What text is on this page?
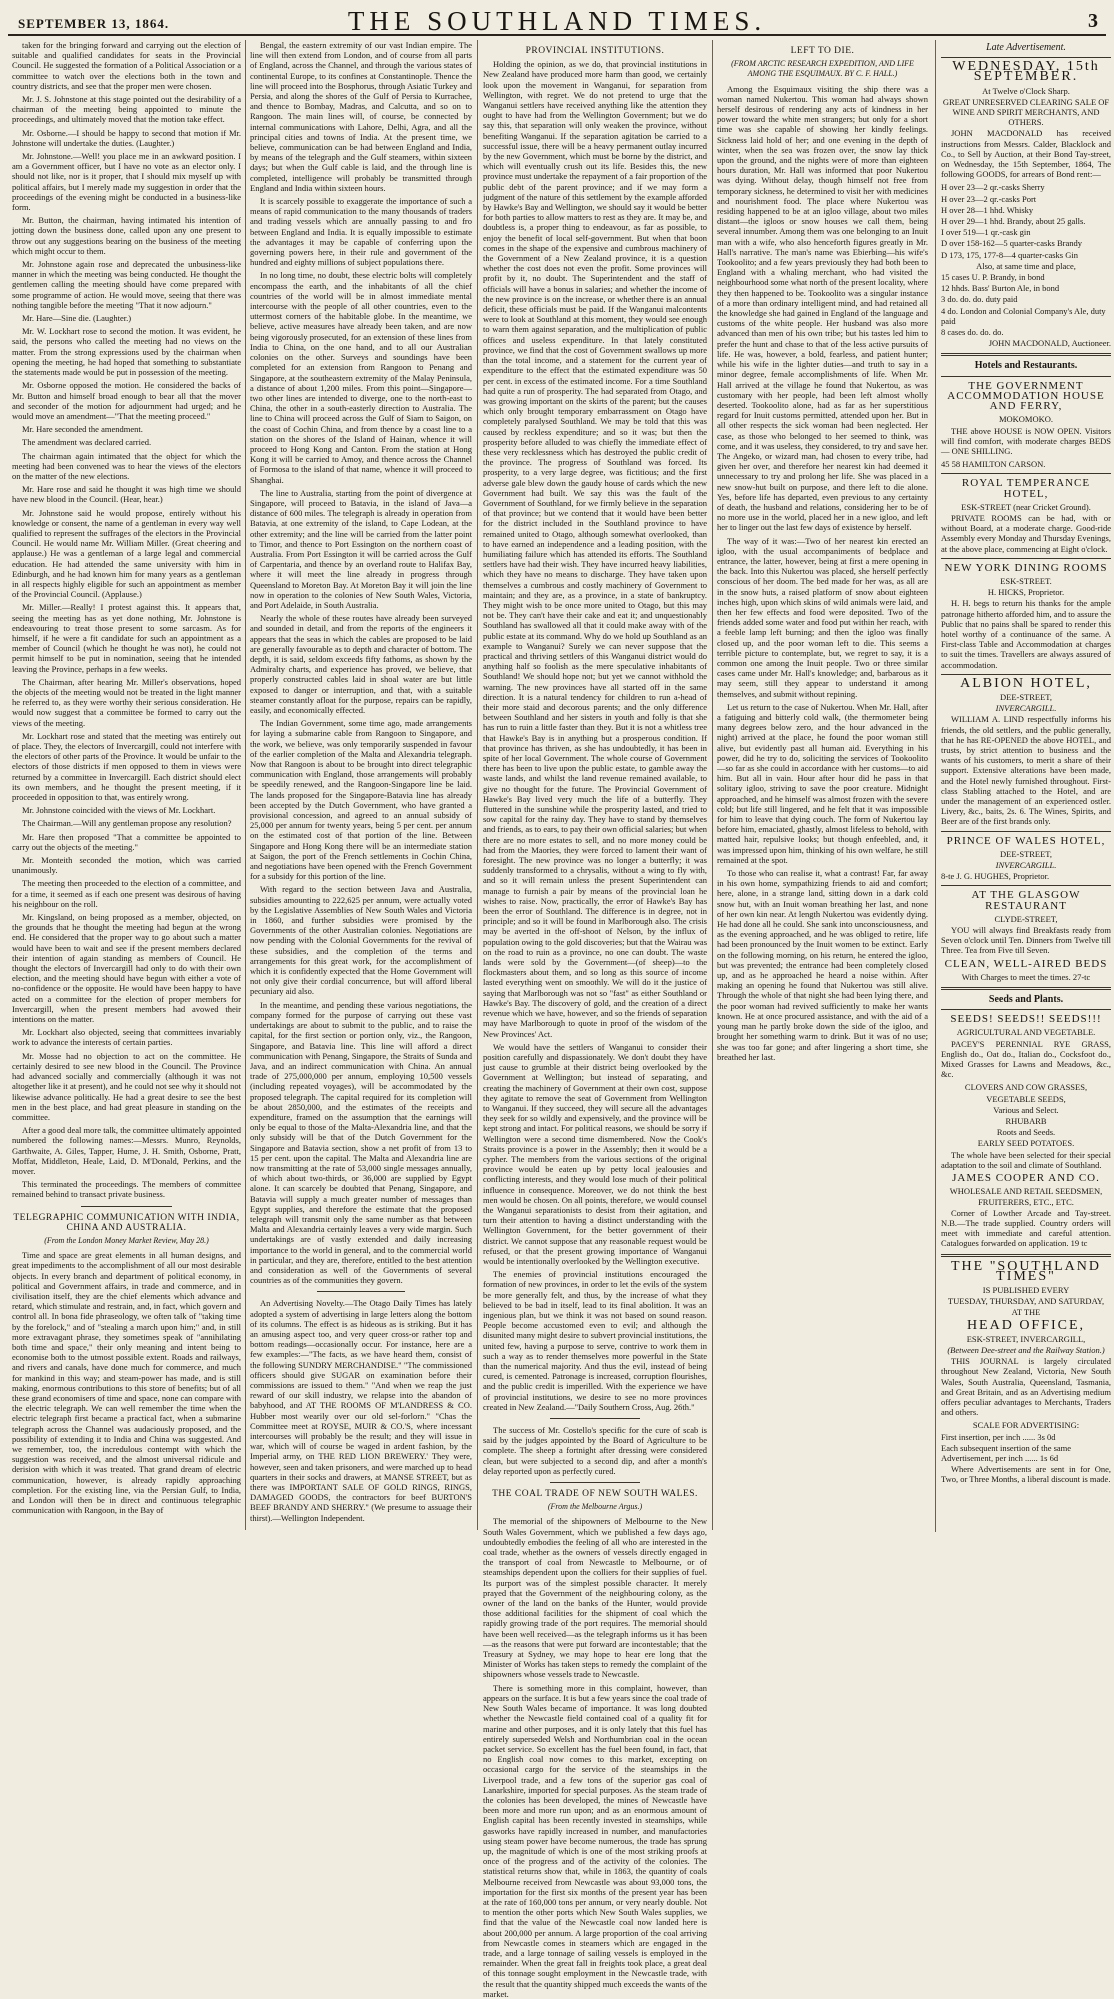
SEPTEMBER 13, 1864.	THE SOUTHLAND TIMES.	3

taken for the bringing forward and carrying out the election of suitable and qualified candidates for seats in the Provincial Council. He suggested the formation of a Political Association or a committee to watch over the elections both in the town and country districts, and see that the proper men were chosen.

Mr. J. S. Johnstone at this stage pointed out the desirability of a chairman of the meeting being appointed to minute the proceedings, and ultimately moved that the motion take effect.

Mr. Osborne.—I should be happy to second that motion if Mr. Johnstone will undertake the duties. (Laughter.)

Mr. Johnstone.—Well! you place me in an awkward position. I am a Government officer, but I have no vote as an elector only. I should not like, nor is it proper, that I should mix myself up with political affairs, but I merely made my suggestion in order that the proceedings of the evening might be conducted in a business-like form.

Mr. Button, the chairman, having intimated his intention of jotting down the business done, called upon any one present to throw out any suggestions bearing on the business of the meeting which might occur to them.

Mr. Johnstone again rose and deprecated the unbusiness-like manner in which the meeting was being conducted. He thought the gentlemen calling the meeting should have come prepared with some programme of action. He would move, seeing that there was nothing tangible before the meeting "That it now adjourn."

Mr. Hare—Sine die. (Laughter.)

Mr. W. Lockhart rose to second the motion. It was evident, he said, the persons who called the meeting had no views on the matter. From the strong expressions used by the chairman when opening the meeting, he had hoped that something to substantiate the statements made would be put in possession of the meeting.

Mr. Osborne opposed the motion. He considered the backs of Mr. Button and himself broad enough to bear all that the mover and seconder of the motion for adjournment had urged; and he would move an amendment—"That the meeting proceed."

Mr. Hare seconded the amendment.

The amendment was declared carried.

The chairman again intimated that the object for which the meeting had been convened was to hear the views of the electors on the matter of the new elections.

Mr. Hare rose and said he thought it was high time we should have new blood in the Council. (Hear, hear.)

Mr. Johnstone said he would propose, entirely without his knowledge or consent, the name of a gentleman in every way well qualified to represent the suffrages of the electors in the Provincial Council. He would name Mr. William Miller. (Great cheering and applause.) He was a gentleman of a large legal and commercial education. He had attended the same university with him in Edinburgh, and he had known him for many years as a gentleman in all respects highly eligible for such an appointment as member of the Provincial Council. (Applause.)

Mr. Miller.—Really! I protest against this. It appears that, seeing the meeting has as yet done nothing, Mr. Johnstone is endeavouring to treat those present to some sarcasm. As for himself, if he were a fit candidate for such an appointment as a member of Council (which he thought he was not), he could not permit himself to be put in nomination, seeing that he intended leaving the Province, perhaps in a few weeks.

The Chairman, after hearing Mr. Miller's observations, hoped the objects of the meeting would not be treated in the light manner he referred to, as they were worthy their serious consideration. He would now suggest that a committee be formed to carry out the views of the meeting.

Mr. Lockhart rose and stated that the meeting was entirely out of place. They, the electors of Invercargill, could not interfere with the electors of other parts of the Province. It would be unfair to the electors of those districts if men opposed to them in views were returned by a committee in Invercargill. Each district should elect its own members, and he thought the present meeting, if it proceeded in opposition to that, was entirely wrong.

Mr. Johnstone coincided with the views of Mr. Lockhart.

The Chairman.—Will any gentleman propose any resolution?

Mr. Hare then proposed "That a committee be appointed to carry out the objects of the meeting."

Mr. Monteith seconded the motion, which was carried unanimously.

The meeting then proceeded to the election of a committee, and for a time, it seemed as if each one present was desirous of having his neighbour on the roll.

Mr. Kingsland, on being proposed as a member, objected, on the grounds that he thought the meeting had begun at the wrong end. He considered that the proper way to go about such a matter would have been to wait and see if the present members declared their intention of again standing as members of Council. He thought the electors of Invercargill had only to do with their own election, and the meeting should have begun with either a vote of no-confidence or the opposite. He would have been happy to have acted on a committee for the election of proper members for Invercargill, when the present members had avowed their intentions on the matter.

Mr. Lockhart also objected, seeing that committees invariably work to advance the interests of certain parties.

Mr. Mosse had no objection to act on the committee. He certainly desired to see new blood in the Council. The Province had advanced socially and commercially (although it was not altogether like it at present), and he could not see why it should not likewise advance politically. He had a great desire to see the best men in the best place, and had great pleasure in standing on the committee.

After a good deal more talk, the committee ultimately appointed numbered the following names:—Messrs. Munro, Reynolds, Garthwaite, A. Giles, Tapper, Hume, J. H. Smith, Osborne, Pratt, Moffat, Middleton, Heale, Laid, D. M'Donald, Perkins, and the mover.

This terminated the proceedings. The members of committee remained behind to transact private business.

TELEGRAPHIC COMMUNICATION WITH INDIA, CHINA AND AUSTRALIA.
(From the London Money Market Review, May 28.)

Time and space are great elements in all human designs, and great impediments to the accomplishment of all our most desirable objects. In every branch and department of political economy, in political and Government affairs, in trade and commerce, and in civilisation itself, they are the chief elements which advance and retard, which stimulate and restrain, and, in fact, which govern and control all. In bona fide phraseology, we often talk of "taking time by the forelock," and of "stealing a march upon him;" and, in still more extravagant phrase, they sometimes speak of "annihilating both time and space," their only meaning and intent being to economise both to the utmost possible extent. Roads and railways, and rivers and canals, have done much for commerce, and much for mankind in this way; and steam-power has made, and is still making, enormous contributions to this store of benefits; but of all these grand economisers of time and space, none can compare with the electric telegraph. We can well remember the time when the electric telegraph first became a practical fact, when a submarine telegraph across the Channel was audaciously proposed, and the possibility of extending it to India and China was suggested. And we remember, too, the incredulous contempt with which the suggestion was received, and the almost universal ridicule and derision with which it was treated. That grand dream of electric communication, however, is already rapidly approaching completion. For the existing line, via the Persian Gulf, to India, and London will then be in direct and continuous telegraphic communication with Rangoon, in the Bay of

Bengal, the eastern extremity of our vast Indian empire. The line will then extend from London, and of course from all parts of England, across the Channel, and through the various states of continental Europe, to its confines at Constantinople. Thence the line will proceed into the Bosphorus, through Asiatic Turkey and Persia, and along the shores of the Gulf of Persia to Kurrachee, and thence to Bombay, Madras, and Calcutta, and so on to Rangoon. The main lines will, of course, be connected by internal communications with Lahore, Delhi, Agra, and all the principal cities and towns of India. At the present time, we believe, communication can be had between England and India, by means of the telegraph and the Gulf steamers, within sixteen days; but when the Gulf cable is laid, and the through line is completed, intelligence will probably be transmitted through England and India within sixteen hours.

It is scarcely possible to exaggerate the importance of such a means of rapid communication to the many thousands of traders and trading vessels which are annually passing to and fro between England and India. It is equally impossible to estimate the advantages it may be capable of conferring upon the governing powers here, in their rule and government of the hundred and eighty millions of subject populations there.

In no long time, no doubt, these electric bolts will completely encompass the earth, and the inhabitants of all the chief countries of the world will be in almost immediate mental intercourse with the people of all other countries, even to the uttermost corners of the habitable globe. In the meantime, we believe, active measures have already been taken, and are now being vigorously prosecuted, for an extension of these lines from India to China, on the one hand, and to all our Australian colonies on the other. Surveys and soundings have been completed for an extension from Rangoon to Penang and Singapore, at the southeastern extremity of the Malay Peninsula, a distance of about 1,200 miles. From this point—Singapore—two other lines are intended to diverge, one to the north-east to China, the other in a south-easterly direction to Australia. The line to China will proceed across the Gulf of Siam to Saigon, on the coast of Cochin China, and from thence by a coast line to a station on the shores of the Island of Hainan, whence it will proceed to Hong Kong and Canton. From the station at Hong Kong it will be carried to Amoy, and thence across the Channel of Formosa to the island of that name, whence it will proceed to Shanghai.

The line to Australia, starting from the point of divergence at Singapore, will proceed to Batavia, in the island of Java—a distance of 600 miles. The telegraph is already in operation from Batavia, at one extremity of the island, to Cape Lodean, at the other extremity; and the line will be carried from the latter point to Timor, and thence to Port Essington on the northern coast of Australia. From Port Essington it will be carried across the Gulf of Carpentaria, and thence by an overland route to Halifax Bay, where it will meet the line already in progress through Queensland to Moreton Bay. At Moreton Bay it will join the line now in operation to the colonies of New South Wales, Victoria, and Port Adelaide, in South Australia.

Nearly the whole of these routes have already been surveyed and sounded in detail, and from the reports of the engineers it appears that the seas in which the cables are proposed to be laid are generally favourable as to depth and character of bottom. The depth, it is said, seldom exceeds fifty fathoms, as shown by the Admiralty charts, and experience has proved, we believe, that properly constructed cables laid in shoal water are but little exposed to danger or interruption, and that, with a suitable steamer constantly afloat for the purpose, repairs can be rapidly, easily, and economically effected.

The Indian Government, some time ago, made arrangements for laying a submarine cable from Rangoon to Singapore, and the work, we believe, was only temporarily suspended in favour of the earlier completion of the Malta and Alexandria telegraph. Now that Rangoon is about to be brought into direct telegraphic communication with England, those arrangements will probably be speedily renewed, and the Rangoon-Singapore line be laid. The lands proposed for the Singapore-Batavia line has already been accepted by the Dutch Government, who have granted a provisional concession, and agreed to an annual subsidy of 25,000 per annum for twenty years, being 5 per cent. per annum on the estimated cost of that portion of the line. Between Singapore and Hong Kong there will be an intermediate station at Saigon, the port of the French settlements in Cochin China, and negotiations have been opened with the French Government for a subsidy for this portion of the line.

With regard to the section between Java and Australia, subsidies amounting to 222,625 per annum, were actually voted by the Legislative Assemblies of New South Wales and Victoria in 1860, and further subsidies were promised by the Governments of the other Australian colonies. Negotiations are now pending with the Colonial Governments for the revival of these subsidies, and the completion of the terms and arrangements for this great work, for the accomplishment of which it is confidently expected that the Home Government will not only give their cordial concurrence, but will afford liberal pecuniary aid also.

In the meantime, and pending these various negotiations, the company formed for the purpose of carrying out these vast undertakings are about to submit to the public, and to raise the capital, for the first section or portion only, viz., the Rangoon, Singapore, and Batavia line. This line will afford a direct communication with Penang, Singapore, the Straits of Sunda and Java, and an indirect communication with China. An annual trade of 275,000,000 per annum, employing 10,500 vessels (including repeated voyages), will be accommodated by the proposed telegraph. The capital required for its completion will be about 2850,000, and the estimates of the receipts and expenditure, framed on the assumption that the earnings will only be equal to those of the Malta-Alexandria line, and that the only subsidy will be that of the Dutch Government for the Singapore and Batavia section, show a net profit of from 13 to 15 per cent. upon the capital. The Malta and Alexandria line are now transmitting at the rate of 53,000 single messages annually, of which about two-thirds, or 36,000 are supplied by Egypt alone. It can scarcely be doubted that Penang, Singapore, and Batavia will supply a much greater number of messages than Egypt supplies, and therefore the estimate that the proposed telegraph will transmit only the same number as that between Malta and Alexandria certainly leaves a very wide margin. Such undertakings are of vastly extended and daily increasing importance to the world in general, and to the commercial world in particular, and they are, therefore, entitled to the best attention and consideration as well of the Governments of several countries as of the communities they govern.

An Advertising Novelty.—The Otago Daily Times has lately adopted a system of advertising in large letters along the bottom of its columns. The effect is as hideous as is striking. But it has an amusing aspect too, and very queer cross-or rather top and bottom readings—occasionally occur. For instance, here are a few examples:—"The facts, as we have heard them, consist of the following SUNDRY MERCHANDISE." "The commissioned officers should give SUGAR on examination before their commissions are issued to them." "And when we reap the just reward of our skill industry, we relapse into the abandon of babyhood, and AT THE ROOMS OF M'LANDRESS & CO. Hubber most wearily over our old sel-forlorn." "Chas the Committee meet at ROYSE, MUIR & CO.'S, where incessant intercourses will probably be the result; and they will issue in war, which will of course be waged in ardent fashion, by the Imperial army, on THE RED LION BREWERY.' They were, however, seen and taken prisoners, and were marched up to head quarters in their socks and drawers, at MANSE STREET, but as there was IMPORTANT SALE OF GOLD RINGS, RINGS, DAMAGED GOODS, the contractors for beef BURTON'S BEEF BRANDY AND SHERRY." (We presume to assuage their thirst).—Wellington Independent.

PROVINCIAL INSTITUTIONS.

Holding the opinion, as we do, that provincial institutions in New Zealand have produced more harm than good, we certainly look upon the movement in Wanganui, for separation from Wellington, with regret. We do not pretend to urge that the Wanganui settlers have received anything like the attention they ought to have had from the Wellington Government; but we do say this, that separation will only weaken the province, without benefiting Wanganui. If the separation agitation be carried to a successful issue, there will be a heavy permanent outlay incurred by the new Government, which must be borne by the district, and which will eventually crush out its life. Besides this, the new province must undertake the repayment of a fair proportion of the public debt of the parent province; and if we may form a judgment of the nature of this settlement by the example afforded by Hawke's Bay and Wellington, we should say it would be better for both parties to allow matters to rest as they are. It may be, and doubtless is, a proper thing to endeavour, as far as possible, to enjoy the benefit of local self-government. But when that boon comes in the shape of the expensive and cumbrous machinery of the Government of a New Zealand province, it is a question whether the cost does not even the profit. Some provinces will profit by it, no doubt. The Superintendent and the staff of officials will have a bonus in salaries; and whether the income of the new province is on the increase, or whether there is an annual deficit, these officials must be paid. If the Wanganui malcontents were to look at Southland at this moment, they would see enough to warn them against separation, and the multiplication of public offices and useless expenditure. In that lately constituted province, we find that the cost of Government swallows up more than the total income, and a statement for the current year of expenditure to the effect that the estimated expenditure was 50 per cent. in excess of the estimated income. For a time Southland had quite a run of prosperity. The had separated from Otago, and was growing important on the skirts of the parent; but the causes which only brought temporary embarrassment on Otago have completely paralysed Southland. We may be told that this was caused by reckless expenditure; and so it was; but then the prosperity before alluded to was chiefly the immediate effect of these very recklessness which has destroyed the public credit of the province. The progress of Southland was forced. Its prosperity, to a very large degree, was fictitious; and the first adverse gale blew down the gaudy house of cards which the new Government had built. We say this was the fault of the Government of Southland, for we firmly believe in the separation of that province; but we contend that it would have been better for the district included in the Southland province to have remained united to Otago, although somewhat overlooked, than to have earned an independence and a leading position, with the humiliating failure which has attended its efforts. The Southland settlers have had their wish. They have incurred heavy liabilities, which they have no means to discharge. They have taken upon themselves a cumbrous and costly machinery of Government to maintain; and they are, as a province, in a state of bankruptcy. They might wish to be once more united to Otago, but this may not be. They can't have their cake and eat it; and unquestionably Southland has swallowed all that it could make away with of the public estate at its command. Why do we hold up Southland as an example to Wanganui? Surely we can never suppose that the practical and thriving settlers of this Wanganui district would do anything half so foolish as the mere speculative inhabitants of Southland! We should hope not; but yet we cannot withhold the warning. The new provinces have all started off in the same direction. It is a natural tendency for children to run a-head of their more staid and decorous parents; and the only difference between Southland and her sisters in youth and folly is that she has run to ruin a little faster than they. But it is not a whitless tree that Hawke's Bay is in anything but a prosperous condition. If that province has thriven, as she has undoubtedly, it has been in spite of her local Government. The whole course of Government there has been to live upon the public estate, to gamble away the waste lands, and whilst the land revenue remained available, to give no thought for the future. The Provincial Government of Hawke's Bay lived very much the life of a butterfly. They fluttered in the sunshine while the prosperity lasted, and tried to sow capital for the rainy day. They have to stand by themselves and friends, as to ears, to pay their own official salaries; but when there are no more estates to sell, and no more money could be had from the Maories, they were forced to lament their want of foresight. The new province was no longer a butterfly; it was suddenly transformed to a chrysalis, without a wing to fly with, and so it will remain unless the present Superintendent can manage to furnish a pair by means of the provincial loan he wishes to raise. Now, practically, the error of Hawke's Bay has been the error of Southland. The difference is in degree, not in principle; and so it will be found in Marlborough also. The crisis may be averted in the off-shoot of Nelson, by the influx of population owing to the gold discoveries; but that the Wairau was on the road to ruin as a province, no one can doubt. The waste lands were sold by the Government—(of sheep)—to the flockmasters about them, and so long as this source of income lasted everything went on smoothly. We will do it the justice of saying that Marlborough was not so "fast" as either Southland or Hawke's Bay. The discovery of gold, and the creation of a direct revenue which we have, however, and so the friends of separation may have Marlborough to quote in proof of the wisdom of the New Provinces' Act.

We would have the settlers of Wanganui to consider their position carefully and dispassionately. We don't doubt they have just cause to grumble at their district being overlooked by the Government at Wellington; but instead of separating, and creating the machinery of Government at their own cost, suppose they agitate to remove the seat of Government from Wellington to Wanganui. If they succeed, they will secure all the advantages they seek for so wildly and expensively, and the province will be kept strong and intact. For political reasons, we should be sorry if Wellington were a second time dismembered. Now the Cook's Straits province is a power in the Assembly; then it would be a cypher. The members from the various sections of the original province would be eaten up by petty local jealousies and conflicting interests, and they would lose much of their political influence in consequence. Moreover, we do not think the best men would be chosen. On all points, therefore, we would counsel the Wanganui separationists to desist from their agitation, and turn their attention to having a distinct understanding with the Wellington Government, for the better government of their district. We cannot suppose that any reasonable request would be refused, or that the present growing importance of Wanganui would be intentionally overlooked by the Wellington executive.

The enemies of provincial institutions encouraged the formation of new provinces, in order to let the evils of the system be more generally felt, and thus, by the increase of what they believed to be bad in itself, lead to its final abolition. It was an ingenious plan, but we think it was not based on sound reason. People become accustomed even to evil; and although the disunited many might desire to subvert provincial institutions, the united few, having a purpose to serve, contrive to work them in such a way as to render themselves more powerful in the State than the numerical majority. And thus the evil, instead of being cured, is cemented. Patronage is increased, corruption flourishes, and the public credit is imperilled. With the experience we have of provincial institutions, we desire to see no more provinces created in New Zealand.—"Daily Southern Cross, Aug. 26th."

The success of Mr. Costello's specific for the cure of scab is said by the judges appointed by the Board of Agriculture to be complete. The sheep a fortnight after dressing were considered clean, but were subjected to a second dip, and after a month's delay reported upon as perfectly cured.

THE COAL TRADE OF NEW SOUTH WALES.
(From the Melbourne Argus.)

The memorial of the shipowners of Melbourne to the New South Wales Government, which we published a few days ago, undoubtedly embodies the feeling of all who are interested in the coal trade, whether as the owners of vessels directly engaged in the transport of coal from Newcastle to Melbourne, or of steamships dependent upon the colliers for their supplies of fuel. Its purport was of the simplest possible character. It merely prayed that the Government of the neighbouring colony, as the owner of the land on the banks of the Hunter, would provide those additional facilities for the shipment of coal which the rapidly growing trade of the port requires. The memorial should have been well received—as the telegraph informs us it has been—as the reasons that were put forward are incontestable; that the Treasury at Sydney, we may hope to hear ere long that the Minister of Works has taken steps to remedy the complaint of the shipowners whose vessels trade to Newcastle.

There is something more in this complaint, however, than appears on the surface. It is but a few years since the coal trade of New South Wales became of importance. It was long doubted whether the Newcastle field contained coal of a quality fit for marine and other purposes, and it is only lately that this fuel has entirely superseded Welsh and Northumbrian coal in the ocean packet service. So excellent has the fuel been found, in fact, that no English coal now comes to this market, excepting on occasional cargo for the service of the steamships in the Liverpool trade, and a few tons of the superior gas coal of Lanarkshire, imported for special purposes. As the steam trade of the colonies has been developed, the mines of Newcastle have been more and more run upon; and as an enormous amount of English capital has been recently invested in steamships, while gasworks have rapidly increased in number, and manufactories using steam power have become numerous, the trade has sprung up, the magnitude of which is one of the most striking proofs at once of the progress and of the activity of the colonies. The statistical returns show that, while in 1863, the quantity of coals Melbourne received from Newcastle was about 93,000 tons, the importation for the first six months of the present year has been at the rate of 160,000 tons per annum, or very nearly double. Not to mention the other ports which New South Wales supplies, we find that the value of the Newcastle coal now landed here is about 200,000 per annum. A large proportion of the coal arriving from Newcastle comes in steamers which are engaged in the trade, and a large tonnage of sailing vessels is employed in the remainder. When the great fall in freights took place, a great deal of this tonnage sought employment in the Newcastle trade, with the result that the quantity shipped much exceeds the wants of the market.

LEFT TO DIE.
(FROM ARCTIC RESEARCH EXPEDITION, AND LIFE AMONG THE ESQUIMAUX. BY C. F. HALL.)

Among the Esquimaux visiting the ship there was a woman named Nukertou. This woman had always shown herself desirous of rendering any acts of kindness in her power toward the white men strangers; but only for a short time was she capable of showing her kindly feelings. Sickness laid hold of her; and one evening in the depth of winter, when the sea was frozen over, the snow lay thick upon the ground, and the nights were of more than eighteen hours duration, Mr. Hall was informed that poor Nukertou was dying. Without delay, though himself not free from temporary sickness, he determined to visit her with medicines and nourishment food. The place where Nukertou was residing happened to be at an igloo village, about two miles distant—the igloos or snow houses we call them, being several innumber. Among them was one belonging to an Inuit man with a wife, who also henceforth figures greatly in Mr. Hall's narrative. The man's name was Ebierbing—his wife's Tookoolito; and a few years previously they had both been to England with a whaling merchant, who had visited the neighbourhood some what north of the present locality, where they then happened to be. Tookoolito was a singular instance of a more than ordinary intelligent mind, and had retained all the knowledge she had gained in England of the language and customs of the white people. Her husband was also more advanced than men of his own tribe; but his tastes led him to prefer the hunt and chase to that of the less active pursuits of life. He was, however, a bold, fearless, and patient hunter; while his wife in the lighter duties—and truth to say in a minor degree, female accomplishments of life. When Mr. Hall arrived at the village he found that Nukertou, as was customary with her people, had been left almost wholly deserted. Tookoolito alone, had as far as her superstitious regard for Inuit customs permitted, attended upon her. But in all other respects the sick woman had been neglected. Her case, as those who belonged to her seemed to think, was come, and it was useless, they considered, to try and save her. The Angeko, or wizard man, had chosen to every tribe, had given her over, and therefore her nearest kin had deemed it unnecessary to try and prolong her life. She was placed in a new snow-hut built on purpose, and there left to die alone. Yes, before life has departed, even previous to any certainty of death, the husband and relations, considering her to be of no more use in the world, placed her in a new igloo, and left her to linger out the last few days of existence by herself.

The way of it was:—Two of her nearest kin erected an igloo, with the usual accompaniments of bedplace and entrance, the latter, however, being at first a mere opening in the back. Into this Nukertou was placed, she herself perfectly conscious of her doom. The bed made for her was, as all are in the snow huts, a raised platform of snow about eighteen inches high, upon which skins of wild animals were laid, and then her few effects and food were deposited. Two of the friends added some water and food put within her reach, with a feeble lamp left burning; and then the igloo was finally closed up, and the poor woman left to die. This seems a terrible picture to contemplate, but, we regret to say, it is a common one among the Inuit people. Two or three similar cases came under Mr. Hall's knowledge; and, barbarous as it may seem, still they appear to understand it among themselves, and submit without repining.

Let us return to the case of Nukertou. When Mr. Hall, after a fatiguing and bitterly cold walk, (the thermometer being many degrees below zero, and the hour advanced in the night) arrived at the place, he found the poor woman still alive, but evidently past all human aid. Everything in his power, did he try to do, soliciting the services of Tookoolito—so far as she could in accordance with her customs—to aid him. But all in vain. Hour after hour did he pass in that solitary igloo, striving to save the poor creature. Midnight approached, and he himself was almost frozen with the severe cold; but life still lingered, and he felt that it was impossible for him to leave that dying couch. The form of Nukertou lay before him, emaciated, ghastly, almost lifeless to behold, with matted hair, repulsive looks; but though enfeebled, and, it was impressed upon him, thinking of his own welfare, he still remained at the spot.

To those who can realise it, what a contrast! Far, far away in his own home, sympathizing friends to aid and comfort; here, alone, in a strange land, sitting down in a dark cold snow hut, with an Inuit woman breathing her last, and none of her own kin near. At length Nukertou was evidently dying. He had done all he could. She sank into unconsciousness, and as the evening approached, and he was obliged to retire, life had been pronounced by the Inuit women to be extinct. Early on the following morning, on his return, he entered the igloo, but was prevented; the entrance had been completely closed up, and as he approached he heard a noise within. After making an opening he found that Nukertou was still alive. Through the whole of that night she had been lying there, and the poor woman had revived sufficiently to make her wants known. He at once procured assistance, and with the aid of a young man he partly broke down the side of the igloo, and brought her something warm to drink. But it was of no use; she was too far gone; and after lingering a short time, she breathed her last.

Late Advertisement.
WEDNESDAY, 15th SEPTEMBER.
At Twelve o'Clock Sharp.
GREAT UNRESERVED CLEARING SALE OF WINE AND SPIRIT MERCHANTS, AND OTHERS.

JOHN MACDONALD has received instructions from Messrs. Calder, Blacklock and Co., to Sell by Auction, at their Bond Tay-street, on Wednesday, the 15th September, 1864, The following GOODS, for arrears of Bond rent:—

H over 23—2 qr.-casks Sherry
H over 23—2 qr.-casks Port
H over 28—1 hhd. Whisky
H over 29—1 hhd. Brandy, about 25 galls.
I over 519—1 qr.-cask gin
D over 158-162—5 quarter-casks Brandy
D 173, 175, 177-8—4 quarter-casks Gin
Also, at same time and place,
15 cases U. P. Brandy, in bond
12 hhds. Bass' Burton Ale, in bond
3 do. do. do. duty paid
4 do. London and Colonial Company's Ale, duty paid
8 cases do. do. do.
JOHN MACDONALD, Auctioneer.
Hotels and Restaurants.
THE GOVERNMENT ACCOMMODATION HOUSE AND FERRY,
MOKOMOKO.

THE above HOUSE is NOW OPEN. Visitors will find comfort, with moderate charges BEDS — ONE SHILLING.

45 58 HAMILTON CARSON.
ROYAL TEMPERANCE HOTEL,
ESK-STREET (near Cricket Ground).

PRIVATE ROOMS can be had, with or without Board, at a moderate charge. Good-ride Assembly every Monday and Thursday Evenings, at the above place, commencing at Eight o'clock.

NEW YORK DINING ROOMS
ESK-STREET.
H. HICKS, Proprietor.

H. H. begs to return his thanks for the ample patronage hitherto afforded him, and to assure the Public that no pains shall be spared to render this hotel worthy of a continuance of the same. A First-class Table and Accommodation at charges to suit the times. Travellers are always assured of accommodation.

ALBION HOTEL,
DEE-STREET,
INVERCARGILL.

WILLIAM A. LIND respectfully informs his friends, the old settlers, and the public generally, that he has RE-OPENED the above HOTEL, and trusts, by strict attention to business and the wants of his customers, to merit a share of their support. Extensive alterations have been made, and the Hotel newly furnished throughout. First-class Stabling attached to the Hotel, and are under the management of an experienced ostler. Livery, &c., baits, 2s. 6. The Wines, Spirits, and Beer are of the first brands only.

PRINCE OF WALES HOTEL,
DEE-STREET,
INVERCARGILL.
8-te J. G. HUGHES, Proprietor.
AT THE GLASGOW RESTAURANT
CLYDE-STREET,

YOU will always find Breakfasts ready from Seven o'clock until Ten. Dinners from Twelve till Three. Tea from Five till Seven.

CLEAN, WELL-AIRED BEDS
With Charges to meet the times. 27-tc
Seeds and Plants.
SEEDS! SEEDS!! SEEDS!!!
AGRICULTURAL AND VEGETABLE.

PACEY'S PERENNIAL RYE GRASS, English do., Oat do., Italian do., Cocksfoot do., Mixed Grasses for Lawns and Meadows, &c., &c.

CLOVERS AND COW GRASSES,
VEGETABLE SEEDS,
Various and Select.
RHUBARB
Roots and Seeds.
EARLY SEED POTATOES.

The whole have been selected for their special adaptation to the soil and climate of Southland.

JAMES COOPER AND CO.
WHOLESALE AND RETAIL SEEDSMEN, FRUITERERS, ETC., ETC.

Corner of Lowther Arcade and Tay-street. N.B.—The trade supplied. Country orders will meet with immediate and careful attention. Catalogues forwarded on application. 19 tc

THE "SOUTHLAND TIMES"
IS PUBLISHED EVERY
TUESDAY, THURSDAY, AND SATURDAY,
AT THE
HEAD OFFICE,
ESK-STREET, INVERCARGILL,
(Between Dee-street and the Railway Station.)

THIS JOURNAL is largely circulated throughout New Zealand, Victoria, New South Wales, South Australia, Queensland, Tasmania, and Great Britain, and as an Advertising medium offers peculiar advantages to Merchants, Traders and others.

SCALE FOR ADVERTISING:
First insertion, per inch ...... 3s 0d
Each subsequent insertion of the same Advertisement, per inch ...... 1s 6d

Where Advertisements are sent in for One, Two, or Three Months, a liberal discount is made.
